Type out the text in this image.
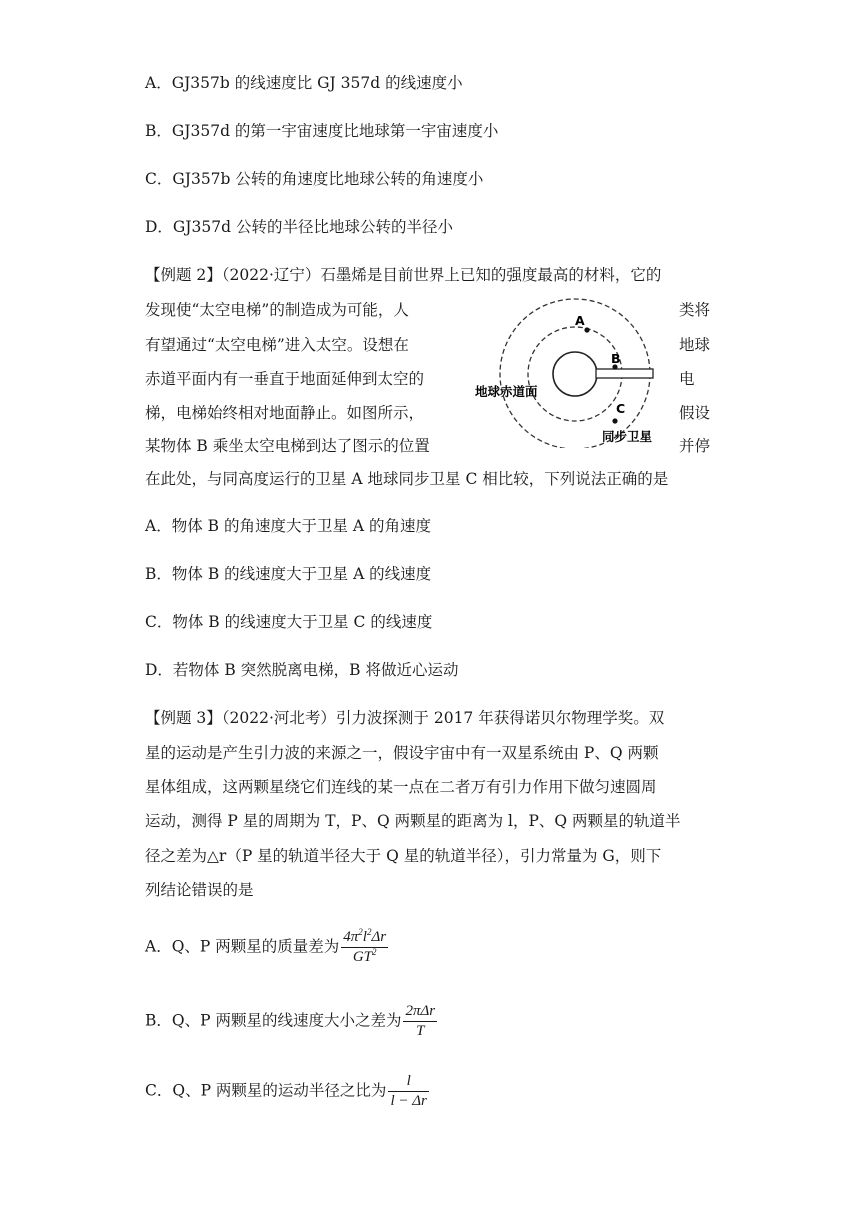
A．GJ357b 的线速度比 GJ 357d 的线速度小
B．GJ357d 的第一宇宙速度比地球第一宇宙速度小
C．GJ357b 公转的角速度比地球公转的角速度小
D．GJ357d 公转的半径比地球公转的半径小
【例题 2】（2022·辽宁）石墨烯是目前世界上已知的强度最高的材料，它的
发现使“太空电梯”的制造成为可能，人	类将
有望通过“太空电梯”进入太空。设想在	地球
赤道平面内有一垂直于地面延伸到太空的	电
梯，电梯始终相对地面静止。如图所示，	假设
某物体 B 乘坐太空电梯到达了图示的位置	并停
在此处，与同高度运行的卫星 A 地球同步卫星 C 相比较，下列说法正确的是
A
B
C
地球赤道面
同步卫星
A．物体 B 的角速度大于卫星 A 的角速度
B．物体 B 的线速度大于卫星 A 的线速度
C．物体 B 的线速度大于卫星 C 的线速度
D．若物体 B 突然脱离电梯，B 将做近心运动
【例题 3】（2022·河北考）引力波探测于 2017 年获得诺贝尔物理学奖。双
星的运动是产生引力波的来源之一，假设宇宙中有一双星系统由 P、Q 两颗
星体组成，这两颗星绕它们连线的某一点在二者万有引力作用下做匀速圆周
运动，测得 P 星的周期为 T，P、Q 两颗星的距离为 l，P、Q 两颗星的轨道半
径之差为△r（P 星的轨道半径大于 Q 星的轨道半径），引力常量为 G，则下
列结论错误的是
A．Q、P 两颗星的质量差为 $\frac{4\pi^2l^2\Delta r}{GT^2}$
B．Q、P 两颗星的线速度大小之差为 $\frac{\text{2πΔr}}{T}$
C．Q、P 两颗星的运动半径之比为 $\frac{l}{l - \Delta r}$
